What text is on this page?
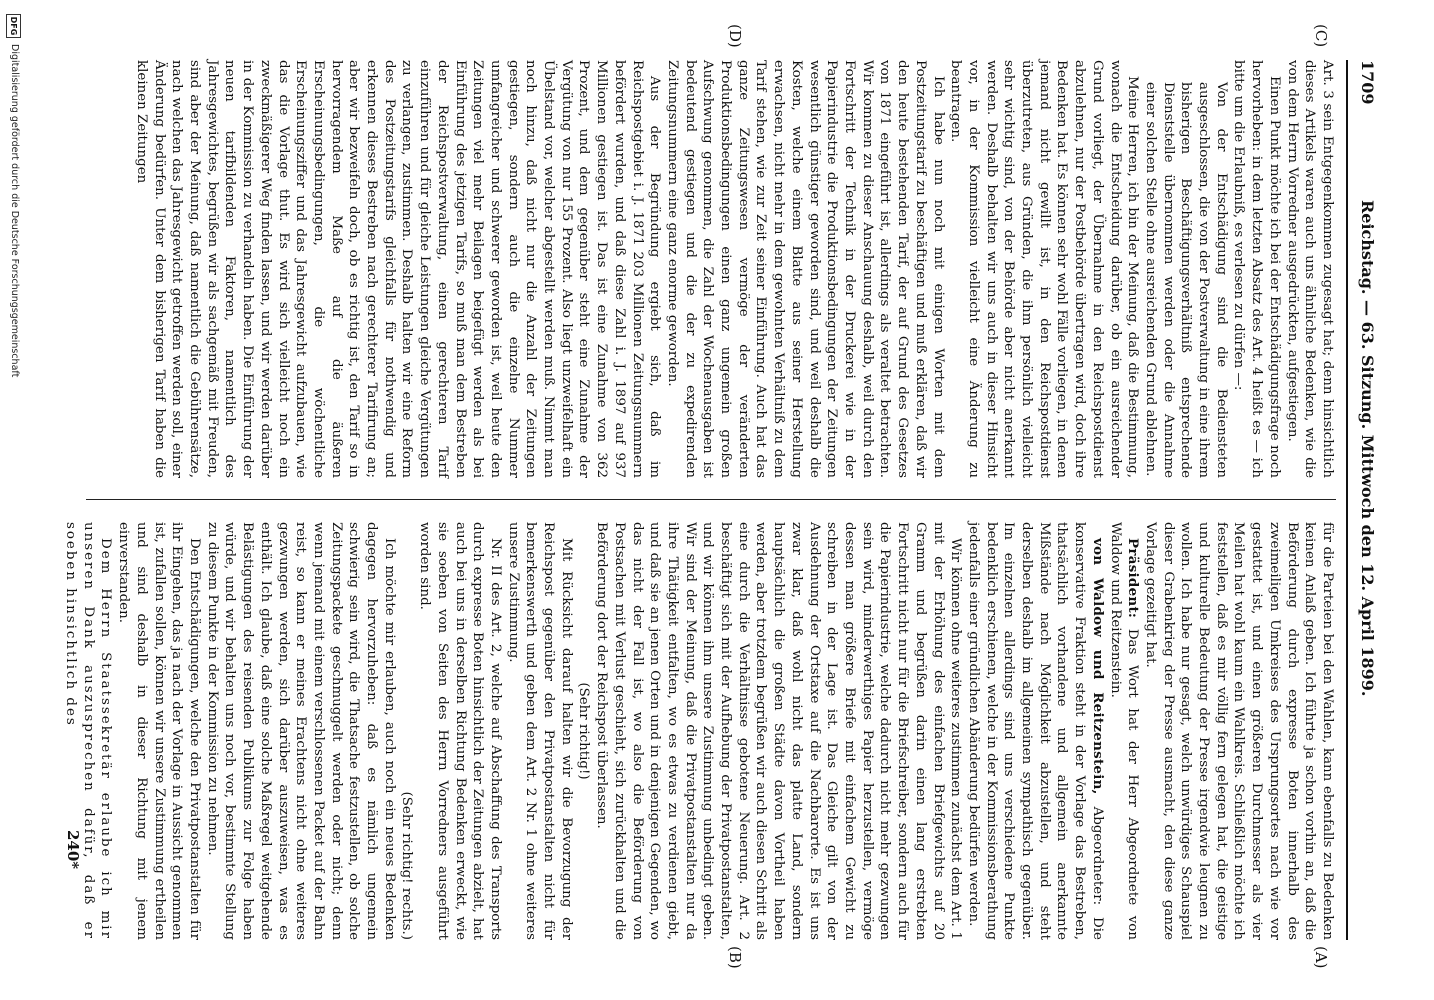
1709
Reichstag. — 63. Sitzung. Mittwoch den 12. April 1899.
(C)
(D)
(A)
(B)

Art. 3 sein Entgegenkommen zugesagt hat; denn hinsichtlich dieses Artikels waren auch uns ähnliche Bedenken, wie die von dem Herrn Vorredner ausgedrückten, aufgestiegen.

Einen Punkt möchte ich bei der Entschädigungsfrage noch hervorheben: in dem letzten Absatz des Art. 4 heißt es — ich bitte um die Erlaubniß, es verlesen zu dürfen —:

Von der Entschädigung sind die Bediensteten ausgeschlossen, die von der Postverwaltung in eine ihrem bisherigen Beschäftigungsverhältniß entsprechende Dienststelle übernommen werden oder die Annahme einer solchen Stelle ohne ausreichenden Grund ablehnen.

Meine Herren, ich bin der Meinung, daß die Bestimmung, wonach die Entscheidung darüber, ob ein ausreichender Grund vorliegt, der Übernahme in den Reichspostdienst abzulehnen, nur der Postbehörde übertragen wird, doch ihre Bedenken hat. Es können sehr wohl Fälle vorliegen, in denen jemand nicht gewillt ist, in den Reichspostdienst überzutreten, aus Gründen, die ihm persönlich vielleicht sehr wichtig sind, von der Behörde aber nicht anerkannt werden. Deshalb behalten wir uns auch in dieser Hinsicht vor, in der Kommission vielleicht eine Änderung zu beantragen.

Ich habe nun noch mit einigen Worten mit dem Postzeitungstarif zu beschäftigen und muß erklären, daß wir den heute bestehenden Tarif, der auf Grund des Gesetzes von 1871 eingeführt ist, allerdings als veraltet betrachten. Wir kommen zu dieser Anschauung deshalb, weil durch den Fortschritt der Technik in der Druckerei wie in der Papierindustrie die Produktionsbedingungen der Zeitungen wesentlich günstiger geworden sind, und weil deshalb die Kosten, welche einem Blatte aus seiner Herstellung erwachsen, nicht mehr in dem gewohnten Verhältniß zu dem Tarif stehen, wie zur Zeit seiner Einführung. Auch hat das ganze Zeitungswesen vermöge der veränderten Produktionsbedingungen einen ganz ungemein großen Aufschwung genommen, die Zahl der Wochenausgaben ist bedeutend gestiegen und die der zu expedirenden Zeitungsnummern eine ganz enorme geworden.

Aus der Begründung ergiebt sich, daß im Reichspostgebiet i. J. 1871 203 Millionen Zeitungsnummern befördert wurden, und daß diese Zahl i. J. 1897 auf 937 Millionen gestiegen ist. Das ist eine Zunahme von 362 Prozent, und dem gegenüber steht eine Zunahme der Vergütung von nur 155 Prozent. Also liegt unzweifelhaft ein Übelstand vor, welcher abgestellt werden muß. Nimmt man noch hinzu, daß nicht nur die Anzahl der Zeitungen gestiegen, sondern auch die einzelne Nummer umfangreicher und schwerer geworden ist, weil heute den Zeitungen viel mehr Beilagen beigefügt werden als bei Einführung des jetzigen Tarifs, so muß man dem Bestreben der Reichspostverwaltung, einen gerechteren Tarif einzuführen und für gleiche Leistungen gleiche Vergütungen zu verlangen, zustimmen. Deshalb halten wir eine Reform des Postzeitungstarifs gleichfalls für nothwendig und erkennen dieses Bestreben nach gerechterer Tarifirung an; aber wir bezweifeln doch, ob es richtig ist, den Tarif so in hervorragendem Maße auf die äußeren Erscheinungsbedingungen, die wöchentliche Erscheinungsziffer und das Jahresgewicht aufzubauen, wie das die Vorlage thut. Es wird sich vielleicht noch ein zweckmäßigerer Weg finden lassen, und wir werden darüber in der Kommission zu verhandeln haben. Die Einführung der neuen tarifbildenden Faktoren, namentlich des Jahresgewichtes, begrüßen wir als sachgemäß mit Freuden, sind aber der Meinung, daß namentlich die Gebührensätze, nach welchen das Jahresgewicht getroffen werden soll, einer Änderung bedürfen. Unter dem bisherigen Tarif haben die kleinen Zeitungen

für die Parteien bei den Wahlen, kann ebenfalls zu Bedenken keinen Anlaß geben. Ich führte ja schon vorhin an, daß die Beförderung durch expresse Boten innerhalb des zweimeiligen Umkreises des Ursprungsortes nach wie vor gestattet ist, und einen größeren Durchmesser als vier Meilen hat wohl kaum ein Wahlkreis. Schließlich möchte ich feststellen, daß es mir völlig fern gelegen hat, die geistige und kulturelle Bedeutung der Presse irgendwie leugnen zu wollen. Ich habe nur gesagt, welch unwürdiges Schauspiel dieser Grabenkrieg der Presse ausmacht, den diese ganze Vorlage gezeitigt hat.

Präsident: Das Wort hat der Herr Abgeordnete von Waldow und Reitzenstein.

von Waldow und Reitzenstein, Abgeordneter: Die konservative Fraktion steht in der Vorlage das Bestreben, thatsächlich vorhandene und allgemein anerkannte Mißstände nach Möglichkeit abzustellen, und steht derselben deshalb im allgemeinen sympathisch gegenüber. Im einzelnen allerdings sind uns verschiedene Punkte bedenklich erschienen, welche in der Kommissionsberathung jedenfalls einer gründlichen Abänderung bedürfen werden.

Wir können ohne weiteres zustimmen zunächst dem Art. 1 mit der Erhöhung des einfachen Briefgewichts auf 20 Gramm und begrüßen darin einen lang erstrebten Fortschritt nicht nur für die Briefschreiber, sondern auch für die Papierindustrie, welche dadurch nicht mehr gezwungen sein wird, minderwerthiges Papier herzustellen, vermöge dessen man größere Briefe mit einfachem Gewicht zu schreiben in der Lage ist. Das Gleiche gilt von der Ausdehnung der Ortstaxe auf die Nachbarorte. Es ist uns zwar klar, daß wohl nicht das platte Land, sondern hauptsächlich die großen Städte davon Vortheil haben werden, aber trotzdem begrüßen wir auch diesen Schritt als eine durch die Verhältnisse gebotene Neuerung. Art. 2 beschäftigt sich mit der Aufhebung der Privatpostanstalten, und wir können ihm unsere Zustimmung unbedingt geben. Wir sind der Meinung, daß die Privatpostanstalten nur da ihre Thätigkeit entfalten, wo es etwas zu verdienen giebt, und daß sie an jenen Orten und in denjenigen Gegenden, wo das nicht der Fall ist, wo also die Beförderung von Postsachen mit Verlust geschieht, sich zurückhalten und die Beförderung dort der Reichspost überlassen.

(Sehr richtig!)

Mit Rücksicht darauf halten wir die Bevorzugung der Reichspost gegenüber den Privatpostanstalten nicht für bemerkenswerth und geben dem Art. 2 Nr. 1 ohne weiteres unsere Zustimmung.

Nr. II des Art. 2, welche auf Abschaffung des Transports durch expresse Boten hinsichtlich der Zeitungen abzielt, hat auch bei uns in derselben Richtung Bedenken erweckt, wie sie soeben von Seiten des Herrn Vorredners ausgeführt worden sind.

(Sehr richtig! rechts.)

Ich möchte mir erlauben, auch noch ein neues Bedenken dagegen hervorzuheben: daß es nämlich ungemein schwierig sein wird, die Thatsache festzustellen, ob solche Zeitungspackete geschmuggelt werden oder nicht; denn wenn jemand mit einem verschlossenen Packet auf der Bahn reist, so kann er meines Erachtens nicht ohne weiteres gezwungen werden, sich darüber auszuweisen, was es enthält. Ich glaube, daß eine solche Maßregel weitgehende Belästigungen des reisenden Publikums zur Folge haben würde, und wir behalten uns noch vor, bestimmte Stellung zu diesem Punkte in der Kommission zu nehmen.

Den Entschädigungen, welche den Privatpostanstalten für ihr Eingehen, das ja nach der Vorlage in Aussicht genommen ist, zufallen sollen, können wir unsere Zustimmung ertheilen und sind deshalb in dieser Richtung mit jenem einverstanden.

Dem Herrn Staatssekretär erlaube ich mir unseren Dank auszusprechen dafür, daß er soeben hinsichtlich des

240*
DFG
Digitalisierung gefördert durch die Deutsche Forschungsgemeinschaft
